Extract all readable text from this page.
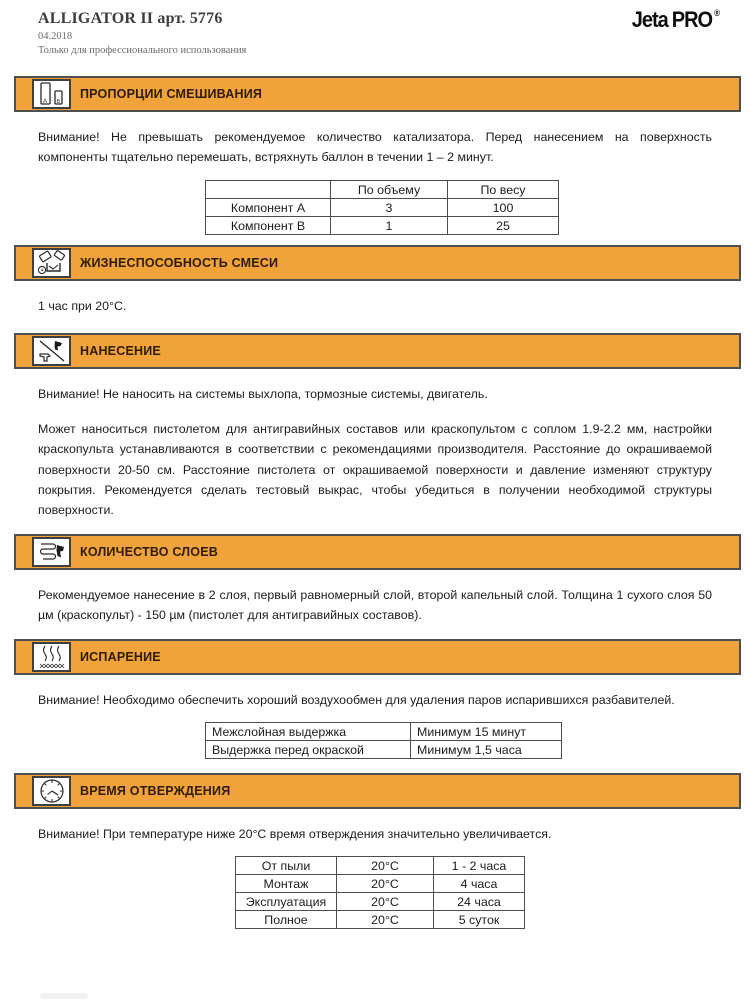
ALLIGATOR II арт. 5776
04.2018
Только для профессионального использования
Jeta PRO ®
A : B
ПРОПОРЦИИ СМЕШИВАНИЯ

Внимание! Не превышать рекомендуемое количество катализатора. Перед нанесением на поверхность компоненты тщательно перемешать, встряхнуть баллон в течении 1 – 2 минут.

	По объему	По весу
Компонент A	3	100
Компонент B	1	25
ЖИЗНЕСПОСОБНОСТЬ СМЕСИ

1 час при 20°C.

НАНЕСЕНИЕ

Внимание! Не наносить на системы выхлопа, тормозные системы, двигатель.

Может наноситься пистолетом для антигравийных составов или краскопультом с соплом 1.9-2.2 мм, настройки краскопульта устанавливаются в соответствии с рекомендациями производителя. Расстояние до окрашиваемой поверхности 20-50 см. Расстояние пистолета от окрашиваемой поверхности и давление изменяют структуру покрытия. Рекомендуется сделать тестовый выкрас, чтобы убедиться в получении необходимой структуры поверхности.

КОЛИЧЕСТВО СЛОЕВ

Рекомендуемое нанесение в 2 слоя, первый равномерный слой, второй капельный слой. Толщина 1 сухого слоя 50 µм (краскопульт) - 150 µм (пистолет для антигравийных составов).

ИСПАРЕНИЕ

Внимание! Необходимо обеспечить хороший воздухообмен для удаления паров испарившихся разбавителей.

Межслойная выдержка	Минимум 15 минут
Выдержка перед окраской	Минимум 1,5 часа
ВРЕМЯ ОТВЕРЖДЕНИЯ

Внимание! При температуре ниже 20°C время отверждения значительно увеличивается.

От пыли	20°C	1 - 2 часа
Монтаж	20°C	4 часа
Эксплуатация	20°C	24 часа
Полное	20°C	5 суток
